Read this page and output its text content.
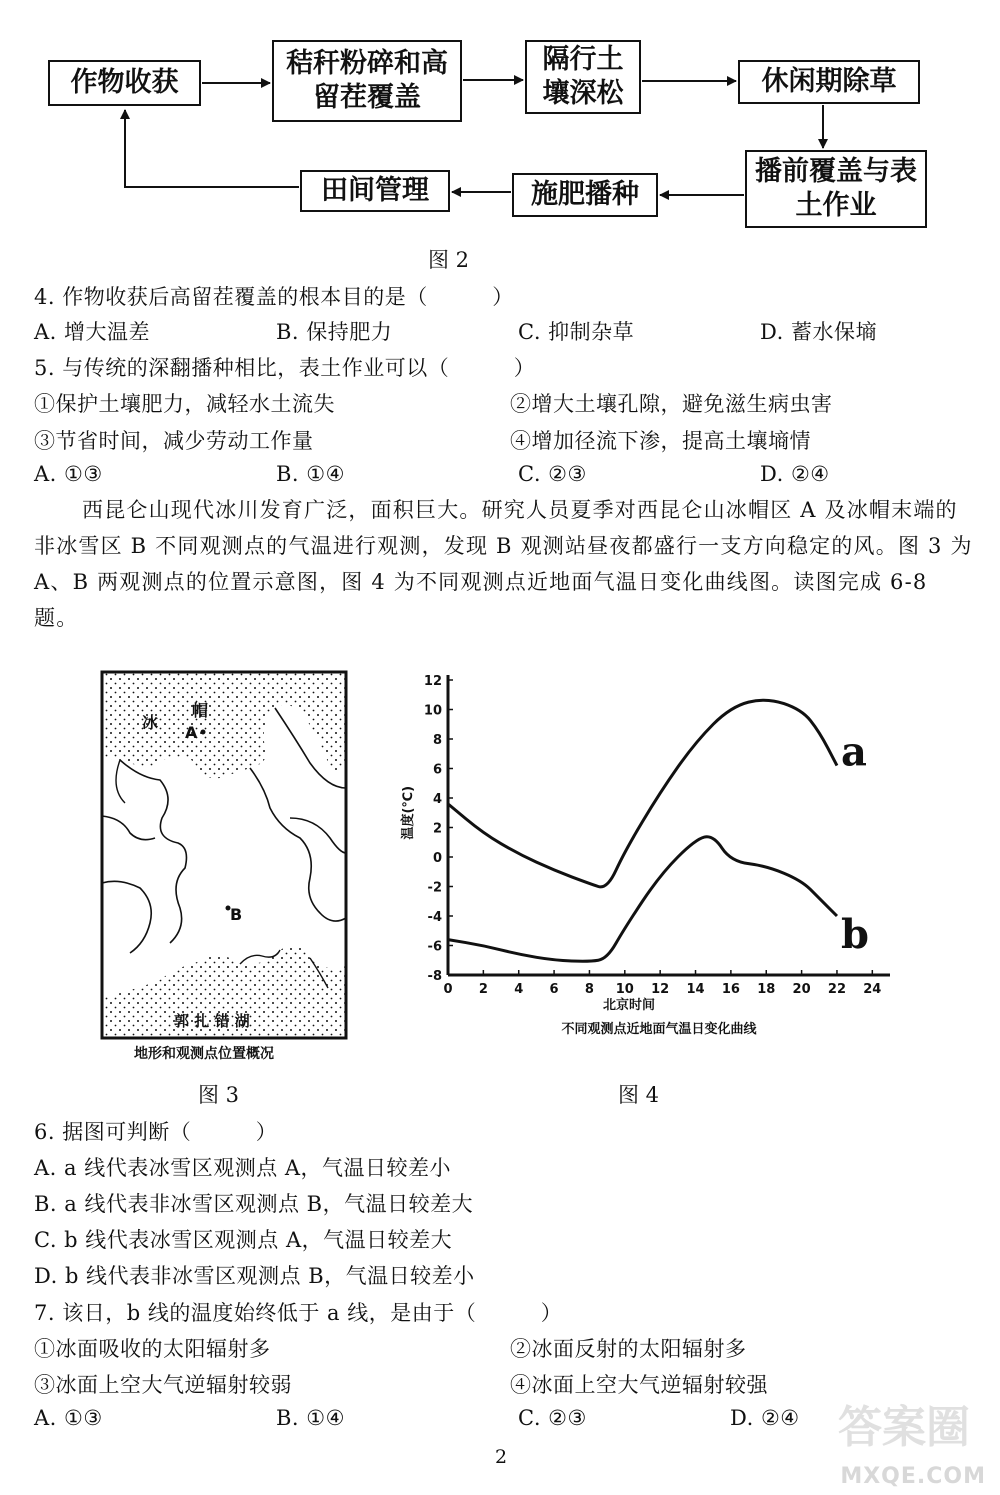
作物收获
秸秆粉碎和高留茬覆盖
隔行土壤深松	休闲期除草
播前覆盖与表土作业
施肥播种
田间管理
图 2
4. 作物收获后高留茬覆盖的根本目的是（　　　）
A. 增大温差	B. 保持肥力	C. 抑制杂草	D. 蓄水保墒
5. 与传统的深翻播种相比，表土作业可以（　　　）
①保护土壤肥力，减轻水土流失	②增大土壤孔隙，避免滋生病虫害
③节省时间，减少劳动工作量	④增加径流下渗，提高土壤墒情
A. ①③	B. ①④	C. ②③	D. ②④
西昆仑山现代冰川发育广泛，面积巨大。研究人员夏季对西昆仑山冰帽区 A 及冰帽末端的非冰雪区 B 不同观测点的气温进行观测，发现 B 观测站昼夜都盛行一支方向稳定的风。图 3 为 A、B 两观测点的位置示意图，图 4 为不同观测点近地面气温日变化曲线图。读图完成 6-8 题。
冰
帽
A
B
郭 扎 错 湖
地形和观测点位置概况
图 3
-8
-6
-4
-2
0
2
4
6
8
10
12
0 2 4 6 8 10 12 14 16 18 20 22 24
北京时间
温度(℃)
不同观测点近地面气温日变化曲线
a
b
图 4
6. 据图可判断（　　　）
A. a 线代表冰雪区观测点 A，气温日较差小
B. a 线代表非冰雪区观测点 B，气温日较差大
C. b 线代表冰雪区观测点 A，气温日较差大
D. b 线代表非冰雪区观测点 B，气温日较差小
7. 该日，b 线的温度始终低于 a 线，是由于（　　　）
①冰面吸收的太阳辐射多	②冰面反射的太阳辐射多
③冰面上空大气逆辐射较弱	④冰面上空大气逆辐射较强
A. ①③	B. ①④	C. ②③	D. ②④
2
答案圈
MXQE.COM
